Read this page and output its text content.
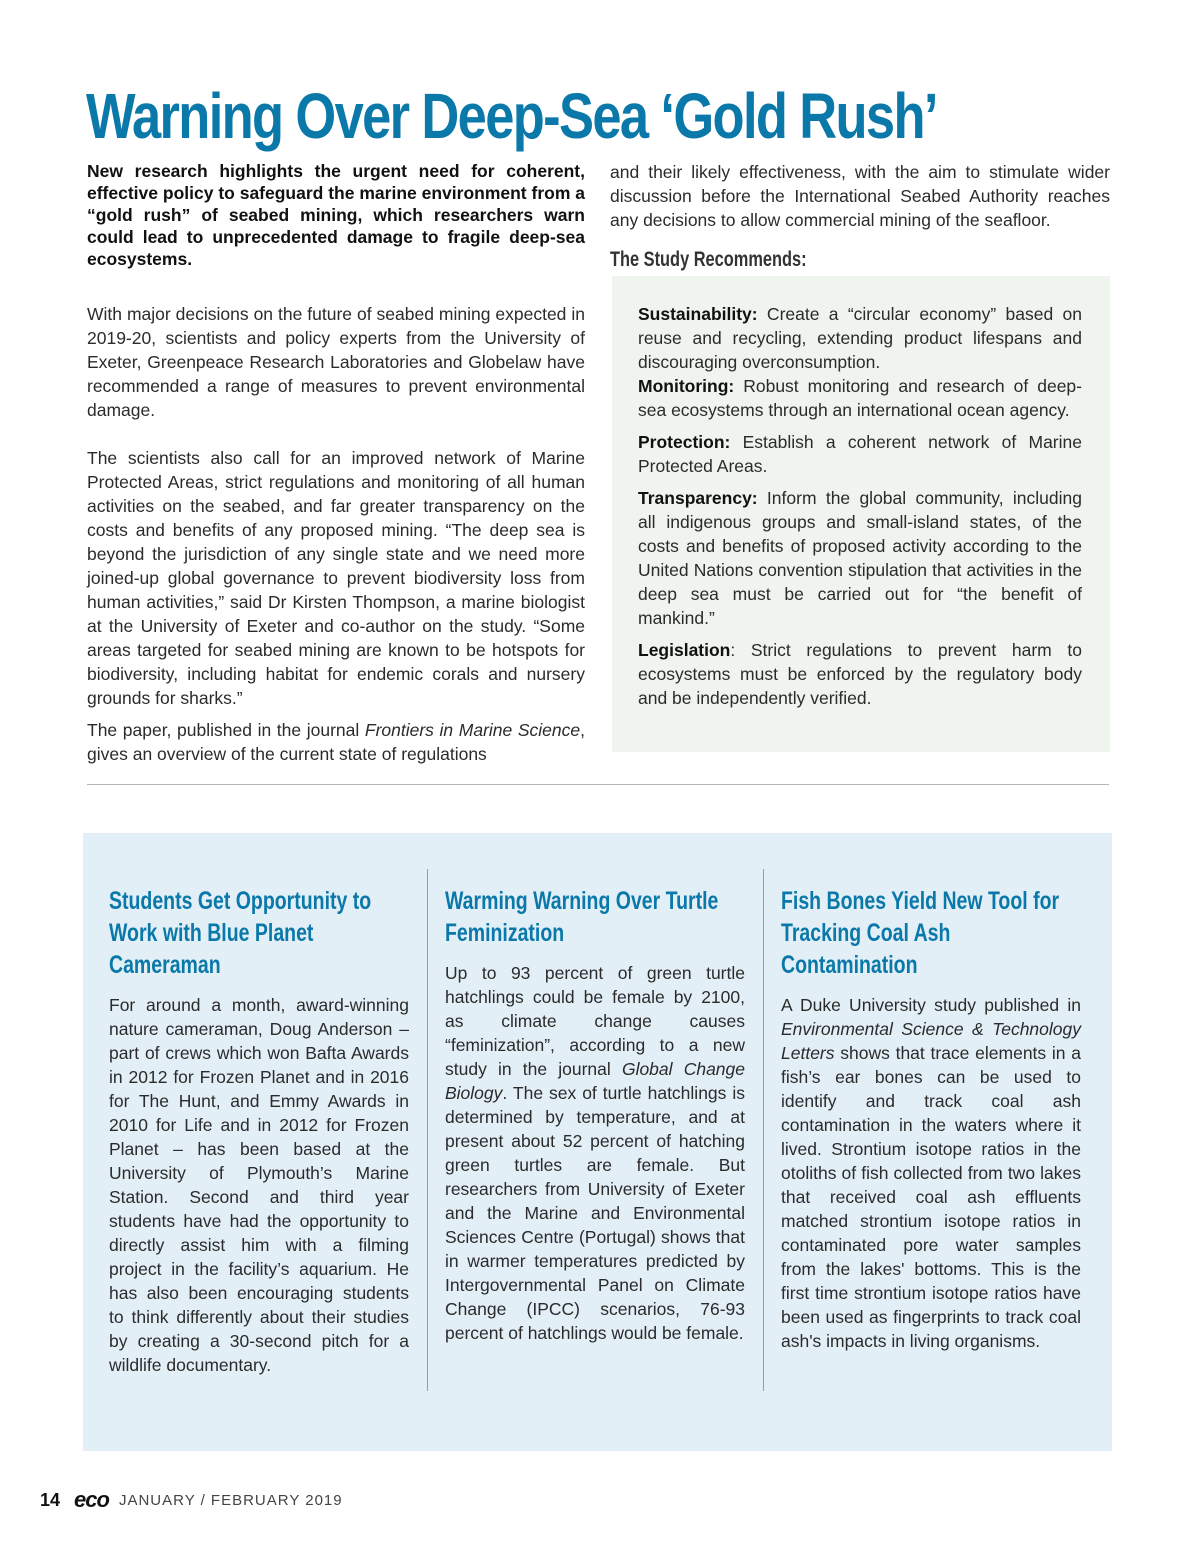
Warning Over Deep-Sea ‘Gold Rush’

New research highlights the urgent need for coherent, effective policy to safeguard the marine environment from a “gold rush” of seabed mining, which researchers warn could lead to unprecedented damage to fragile deep-sea ecosystems.

With major decisions on the future of seabed mining expected in 2019-20, scientists and policy experts from the University of Exeter, Greenpeace Research Laboratories and Globelaw have recommended a range of measures to prevent environmental damage.

The scientists also call for an improved network of Marine Protected Areas, strict regulations and monitoring of all human activities on the seabed, and far greater transparency on the costs and benefits of any proposed mining. “The deep sea is beyond the jurisdiction of any single state and we need more joined-up global governance to prevent biodiversity loss from human activities,” said Dr Kirsten Thompson, a marine biologist at the University of Exeter and co-author on the study. “Some areas targeted for seabed mining are known to be hotspots for biodiversity, including habitat for endemic corals and nursery grounds for sharks.”

The paper, published in the journal Frontiers in Marine Science, gives an overview of the current state of regulations

and their likely effectiveness, with the aim to stimulate wider discussion before the International Seabed Authority reaches any decisions to allow commercial mining of the seafloor.

The Study Recommends:

Sustainability: Create a “circular economy” based on reuse and recycling, extending product lifespans and discouraging overconsumption.

Monitoring: Robust monitoring and research of deep-sea ecosystems through an international ocean agency.

Protection: Establish a coherent network of Marine Protected Areas.

Transparency: Inform the global community, including all indigenous groups and small-island states, of the costs and benefits of proposed activity according to the United Nations convention stipulation that activities in the deep sea must be carried out for “the benefit of mankind.”

Legislation: Strict regulations to prevent harm to ecosystems must be enforced by the regulatory body and be independently verified.

Students Get Opportunity to Work with Blue Planet Cameraman

For around a month, award-winning nature cameraman, Doug Anderson – part of crews which won Bafta Awards in 2012 for Frozen Planet and in 2016 for The Hunt, and Emmy Awards in 2010 for Life and in 2012 for Frozen Planet – has been based at the University of Plymouth’s Marine Station. Second and third year students have had the opportunity to directly assist him with a filming project in the facility’s aquarium. He has also been encouraging students to think differently about their studies by creating a 30-second pitch for a wildlife documentary.

Warming Warning Over Turtle Feminization

Up to 93 percent of green turtle hatchlings could be female by 2100, as climate change causes “feminization”, according to a new study in the journal Global Change Biology. The sex of turtle hatchlings is determined by temperature, and at present about 52 percent of hatching green turtles are female. But researchers from University of Exeter and the Marine and Environmental Sciences Centre (Portugal) shows that in warmer temperatures predicted by Intergovernmental Panel on Climate Change (IPCC) scenarios, 76-93 percent of hatchlings would be female.

Fish Bones Yield New Tool for Tracking Coal Ash Contamination

A Duke University study published in Environmental Science & Technology Letters shows that trace elements in a fish’s ear bones can be used to identify and track coal ash contamination in the waters where it lived. Strontium isotope ratios in the otoliths of fish collected from two lakes that received coal ash effluents matched strontium isotope ratios in contaminated pore water samples from the lakes' bottoms. This is the first time strontium isotope ratios have been used as fingerprints to track coal ash's impacts in living organisms.

14 eco JANUARY / FEBRUARY 2019
